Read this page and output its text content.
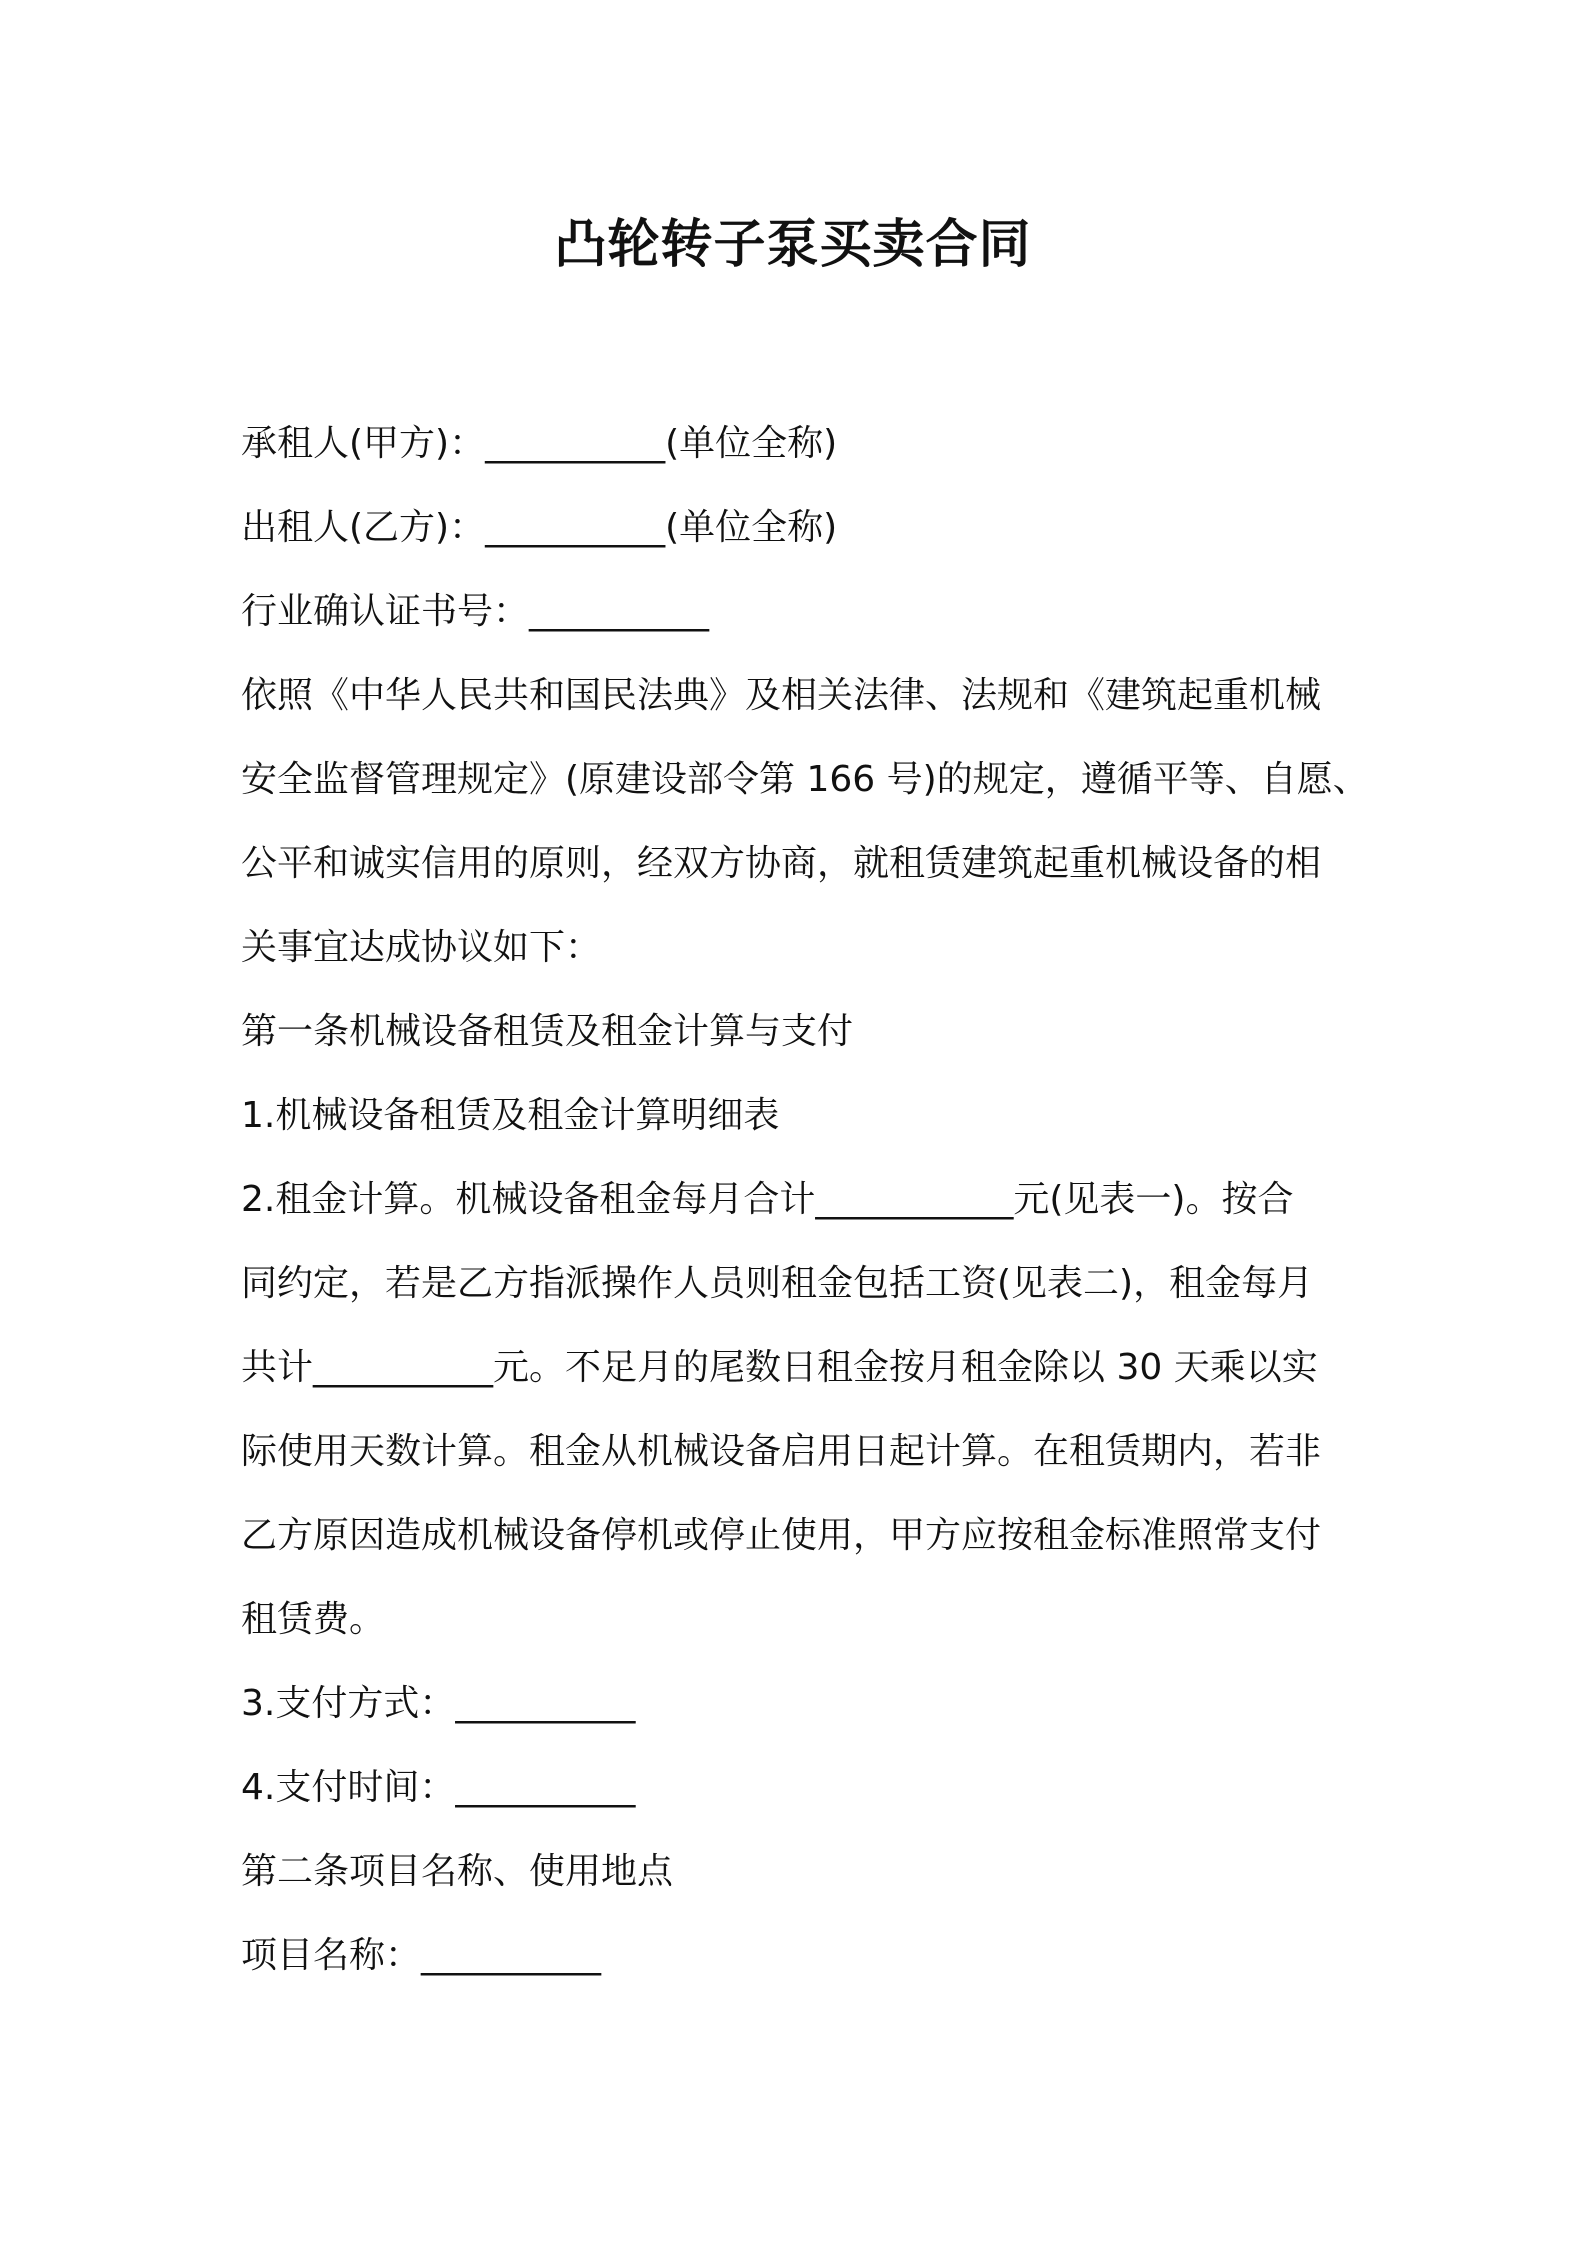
凸轮转子泵买卖合同
承租人(甲方)：__________(单位全称)
出租人(乙方)：__________(单位全称)
行业确认证书号：__________
依照《中华人民共和国民法典》及相关法律、法规和《建筑起重机械
安全监督管理规定》(原建设部令第 166 号)的规定，遵循平等、自愿、
公平和诚实信用的原则，经双方协商，就租赁建筑起重机械设备的相
关事宜达成协议如下：
第一条机械设备租赁及租金计算与支付
1.机械设备租赁及租金计算明细表
2.租金计算。机械设备租金每月合计___________元(见表一)。按合
同约定，若是乙方指派操作人员则租金包括工资(见表二)，租金每月
共计__________元。不足月的尾数日租金按月租金除以 30 天乘以实
际使用天数计算。租金从机械设备启用日起计算。在租赁期内，若非
乙方原因造成机械设备停机或停止使用，甲方应按租金标准照常支付
租赁费。
3.支付方式：__________
4.支付时间：__________
第二条项目名称、使用地点
项目名称：__________
